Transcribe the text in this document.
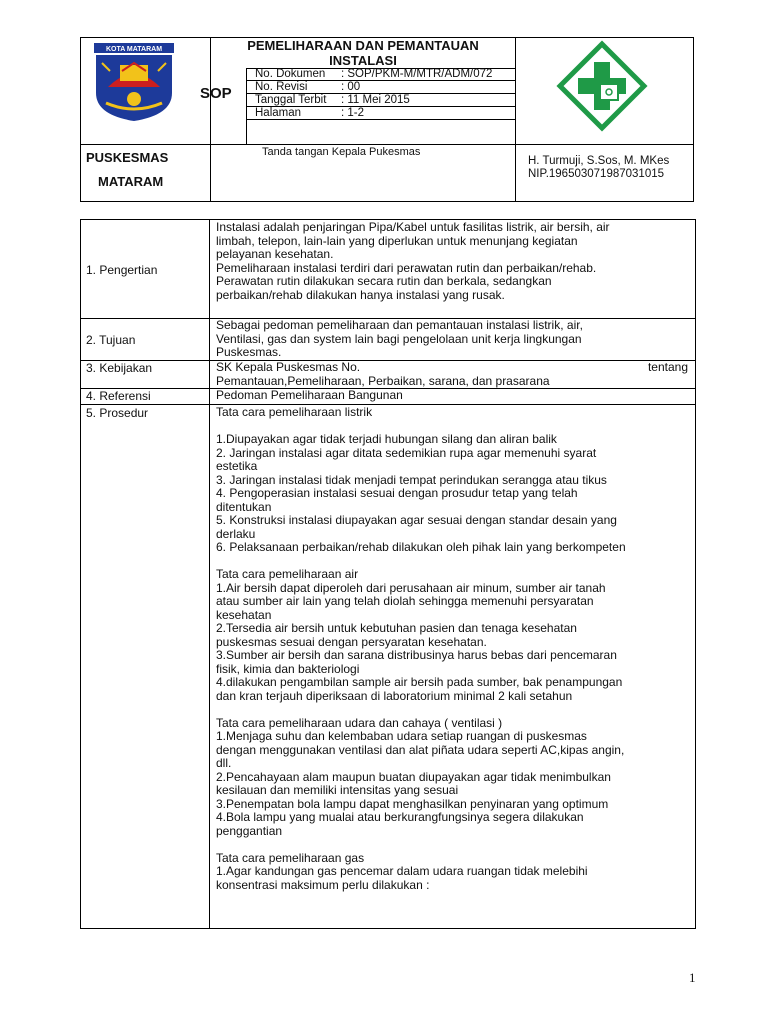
KOTA MATARAM	PEMELIHARAAN DAN PEMANTAUAN
INSTALASI
SOP
No. Dokumen : SOP/PKM-M/MTR/ADM/072
No. Revisi	: 00
Tanggal Terbit : 11 Mei 2015
Halaman	: 1-2
PUSKESMAS
MATARAM
Tanda tangan Kepala Pukesmas
H. Turmuji, S.Sos, M. MKes
NIP.196503071987031015
1. Pengertian

Instalasi adalah penjaringan Pipa/Kabel untuk fasilitas listrik, air bersih, air

limbah, telepon, lain-lain yang diperlukan untuk menunjang kegiatan

pelayanan kesehatan.

Pemeliharaan instalasi terdiri dari perawatan rutin dan perbaikan/rehab.

Perawatan rutin dilakukan secara rutin dan berkala, sedangkan

perbaikan/rehab dilakukan hanya instalasi yang rusak.

2. Tujuan

Sebagai pedoman pemeliharaan dan pemantauan instalasi listrik, air,

Ventilasi, gas dan system lain bagi pengelolaan unit kerja lingkungan

Puskesmas.

3. Kebijakan	SK Kepala Puskesmas No.	tentang

Pemantauan,Pemeliharaan, Perbaikan, sarana, dan prasarana

4. Referensi	Pedoman Pemeliharaan Bangunan
5. Prosedur	Tata cara pemeliharaan listrik

1.Diupayakan agar tidak terjadi hubungan silang dan aliran balik

2. Jaringan instalasi agar ditata sedemikian rupa agar memenuhi syarat

estetika

3. Jaringan instalasi tidak menjadi tempat perindukan serangga atau tikus

4. Pengoperasian instalasi sesuai dengan prosudur tetap yang telah

ditentukan

5. Konstruksi instalasi diupayakan agar sesuai dengan standar desain yang

derlaku

6. Pelaksanaan perbaikan/rehab dilakukan oleh pihak lain yang berkompeten

Tata cara pemeliharaan air

1.Air bersih dapat diperoleh dari perusahaan air minum, sumber air tanah

atau sumber air lain yang telah diolah sehingga memenuhi persyaratan

kesehatan

2.Tersedia air bersih untuk kebutuhan pasien dan tenaga kesehatan

puskesmas sesuai dengan persyaratan kesehatan.

3.Sumber air bersih dan sarana distribusinya harus bebas dari pencemaran

fisik, kimia dan bakteriologi

4.dilakukan pengambilan sample air bersih pada sumber, bak penampungan

dan kran terjauh diperiksaan di laboratorium minimal 2 kali setahun

Tata cara pemeliharaan udara dan cahaya ( ventilasi )

1.Menjaga suhu dan kelembaban udara setiap ruangan di puskesmas

dengan menggunakan ventilasi dan alat piñata udara seperti AC,kipas angin,

dll.

2.Pencahayaan alam maupun buatan diupayakan agar tidak menimbulkan

kesilauan dan memiliki intensitas yang sesuai

3.Penempatan bola lampu dapat menghasilkan penyinaran yang optimum

4.Bola lampu yang mualai atau berkurangfungsinya segera dilakukan

penggantian

Tata cara pemeliharaan gas

1.Agar kandungan gas pencemar dalam udara ruangan tidak melebihi

konsentrasi maksimum perlu dilakukan :

1
